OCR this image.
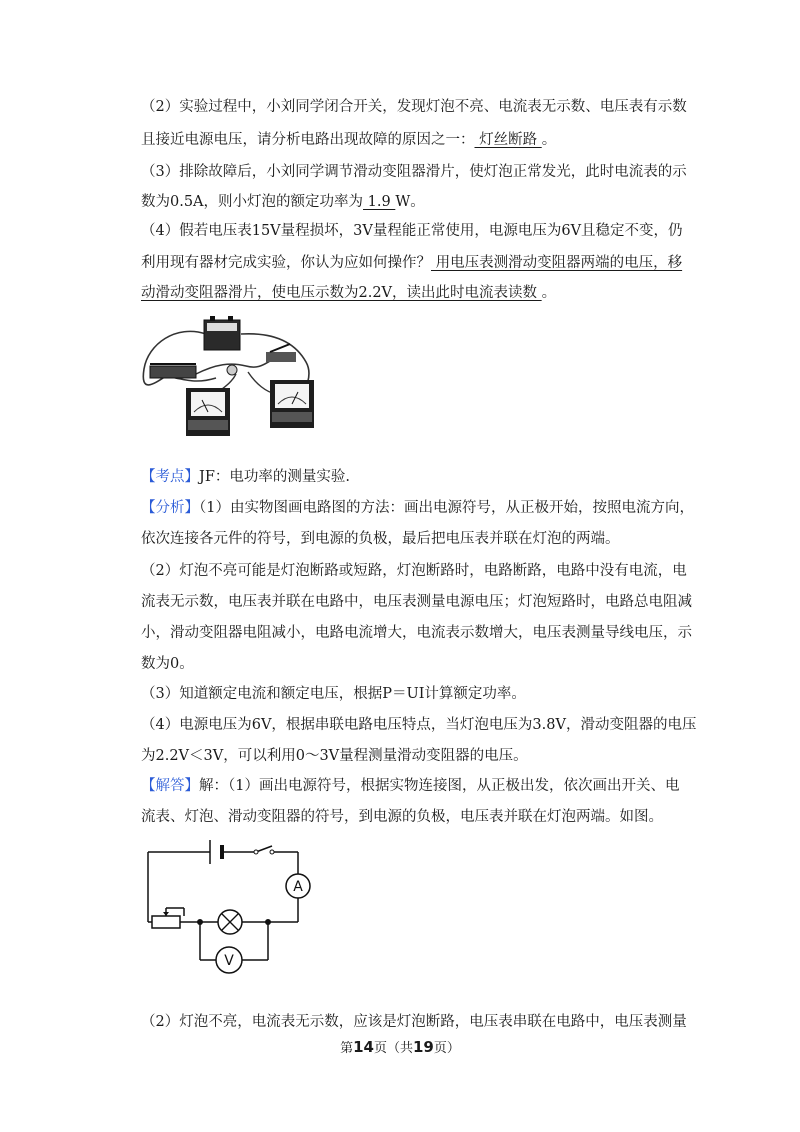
（2）实验过程中，小刘同学闭合开关，发现灯泡不亮、电流表无示数、电压表有示数
且接近电源电压，请分析电路出现故障的原因之一： 灯丝断路 。
（3）排除故障后，小刘同学调节滑动变阻器滑片，使灯泡正常发光，此时电流表的示
数为0.5A，则小灯泡的额定功率为 1.9 W。
（4）假若电压表15V量程损坏，3V量程能正常使用，电源电压为6V且稳定不变，仍
利用现有器材完成实验，你认为应如何操作？ 用电压表测滑动变阻器两端的电压，移
动滑动变阻器滑片，使电压示数为2.2V，读出此时电流表读数 。
【考点】JF：电功率的测量实验.
【分析】（1）由实物图画电路图的方法：画出电源符号，从正极开始，按照电流方向，
依次连接各元件的符号，到电源的负极，最后把电压表并联在灯泡的两端。
（2）灯泡不亮可能是灯泡断路或短路，灯泡断路时，电路断路，电路中没有电流，电
流表无示数，电压表并联在电路中，电压表测量电源电压；灯泡短路时，电路总电阻减
小，滑动变阻器电阻减小，电路电流增大，电流表示数增大，电压表测量导线电压，示
数为0。
（3）知道额定电流和额定电压，根据P＝UI计算额定功率。
（4）电源电压为6V，根据串联电路电压特点，当灯泡电压为3.8V，滑动变阻器的电压
为2.2V＜3V，可以利用0～3V量程测量滑动变阻器的电压。
【解答】解：（1）画出电源符号，根据实物连接图，从正极出发，依次画出开关、电
流表、灯泡、滑动变阻器的符号，到电源的负极，电压表并联在灯泡两端。如图。
A
V
（2）灯泡不亮，电流表无示数，应该是灯泡断路，电压表串联在电路中，电压表测量
第14页（共19页）
